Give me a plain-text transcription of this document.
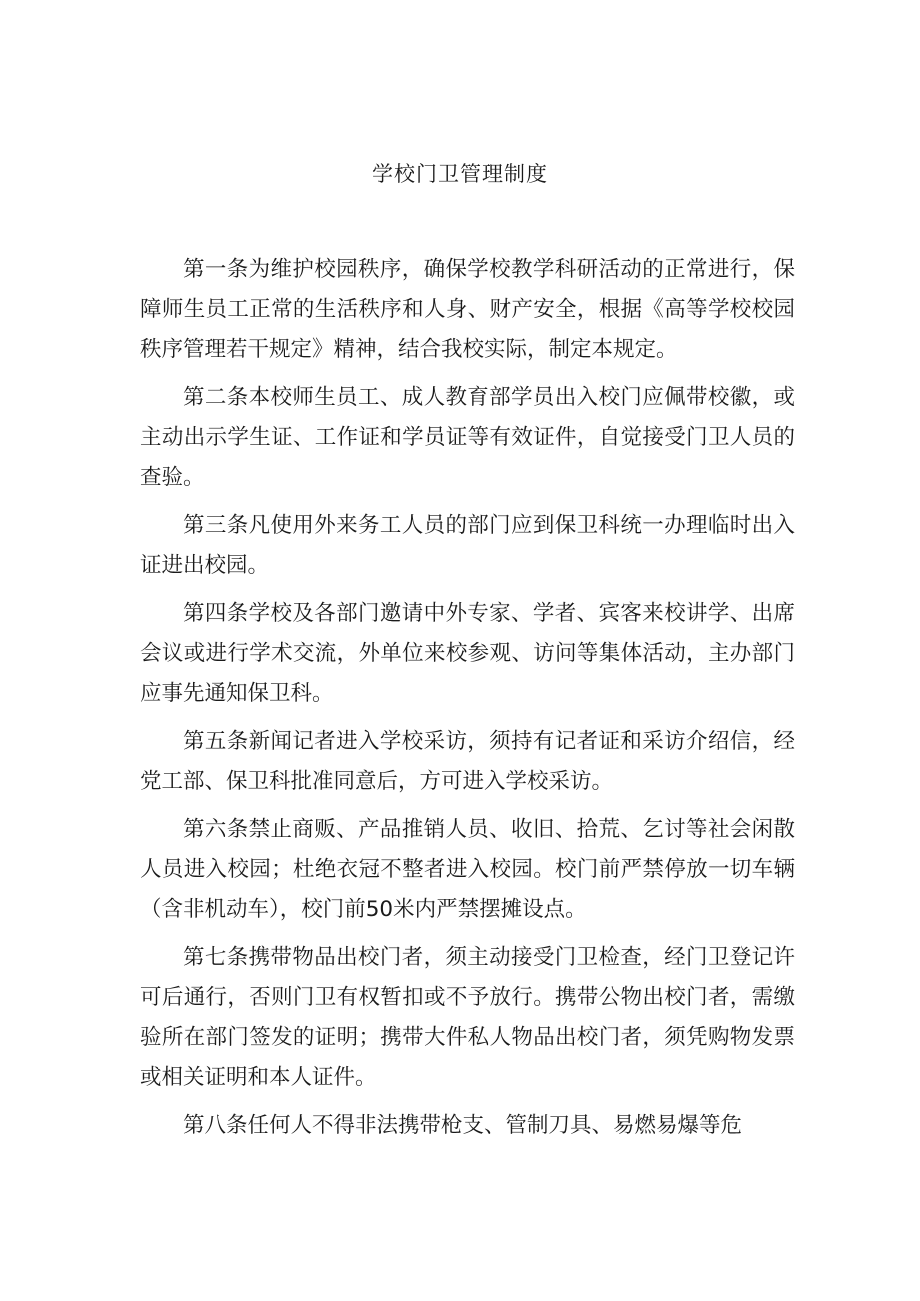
学校门卫管理制度

第一条为维护校园秩序，确保学校教学科研活动的正常进行，保障师生员工正常的生活秩序和人身、财产安全，根据《高等学校校园秩序管理若干规定》精神，结合我校实际，制定本规定。

第二条本校师生员工、成人教育部学员出入校门应佩带校徽，或主动出示学生证、工作证和学员证等有效证件，自觉接受门卫人员的查验。

第三条凡使用外来务工人员的部门应到保卫科统一办理临时出入证进出校园。

第四条学校及各部门邀请中外专家、学者、宾客来校讲学、出席会议或进行学术交流，外单位来校参观、访问等集体活动，主办部门应事先通知保卫科。

第五条新闻记者进入学校采访，须持有记者证和采访介绍信，经党工部、保卫科批准同意后，方可进入学校采访。

第六条禁止商贩、产品推销人员、收旧、拾荒、乞讨等社会闲散人员进入校园；杜绝衣冠不整者进入校园。校门前严禁停放一切车辆（含非机动车），校门前50米内严禁摆摊设点。

第七条携带物品出校门者，须主动接受门卫检查，经门卫登记许可后通行，否则门卫有权暂扣或不予放行。携带公物出校门者，需缴验所在部门签发的证明；携带大件私人物品出校门者，须凭购物发票或相关证明和本人证件。

第八条任何人不得非法携带枪支、管制刀具、易燃易爆等危
